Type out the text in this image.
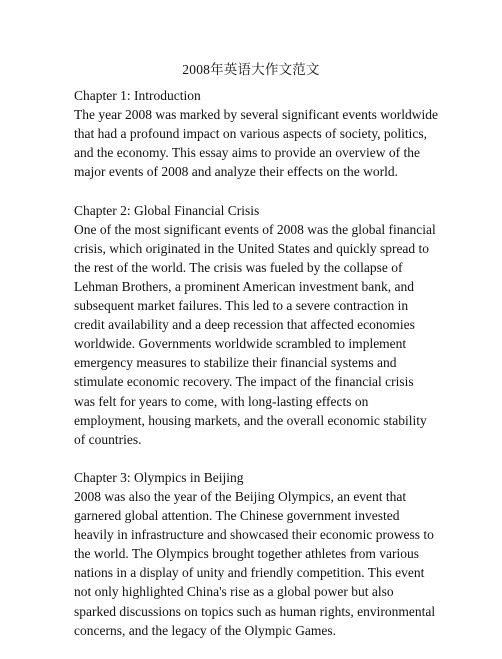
2008年英语大作文范文
Chapter 1: Introduction
The year 2008 was marked by several significant events worldwide
that had a profound impact on various aspects of society, politics,
and the economy. This essay aims to provide an overview of the
major events of 2008 and analyze their effects on the world.
Chapter 2: Global Financial Crisis
One of the most significant events of 2008 was the global financial
crisis, which originated in the United States and quickly spread to
the rest of the world. The crisis was fueled by the collapse of
Lehman Brothers, a prominent American investment bank, and
subsequent market failures. This led to a severe contraction in
credit availability and a deep recession that affected economies
worldwide. Governments worldwide scrambled to implement
emergency measures to stabilize their financial systems and
stimulate economic recovery. The impact of the financial crisis
was felt for years to come, with long-lasting effects on
employment, housing markets, and the overall economic stability
of countries.
Chapter 3: Olympics in Beijing
2008 was also the year of the Beijing Olympics, an event that
garnered global attention. The Chinese government invested
heavily in infrastructure and showcased their economic prowess to
the world. The Olympics brought together athletes from various
nations in a display of unity and friendly competition. This event
not only highlighted China's rise as a global power but also
sparked discussions on topics such as human rights, environmental
concerns, and the legacy of the Olympic Games.
